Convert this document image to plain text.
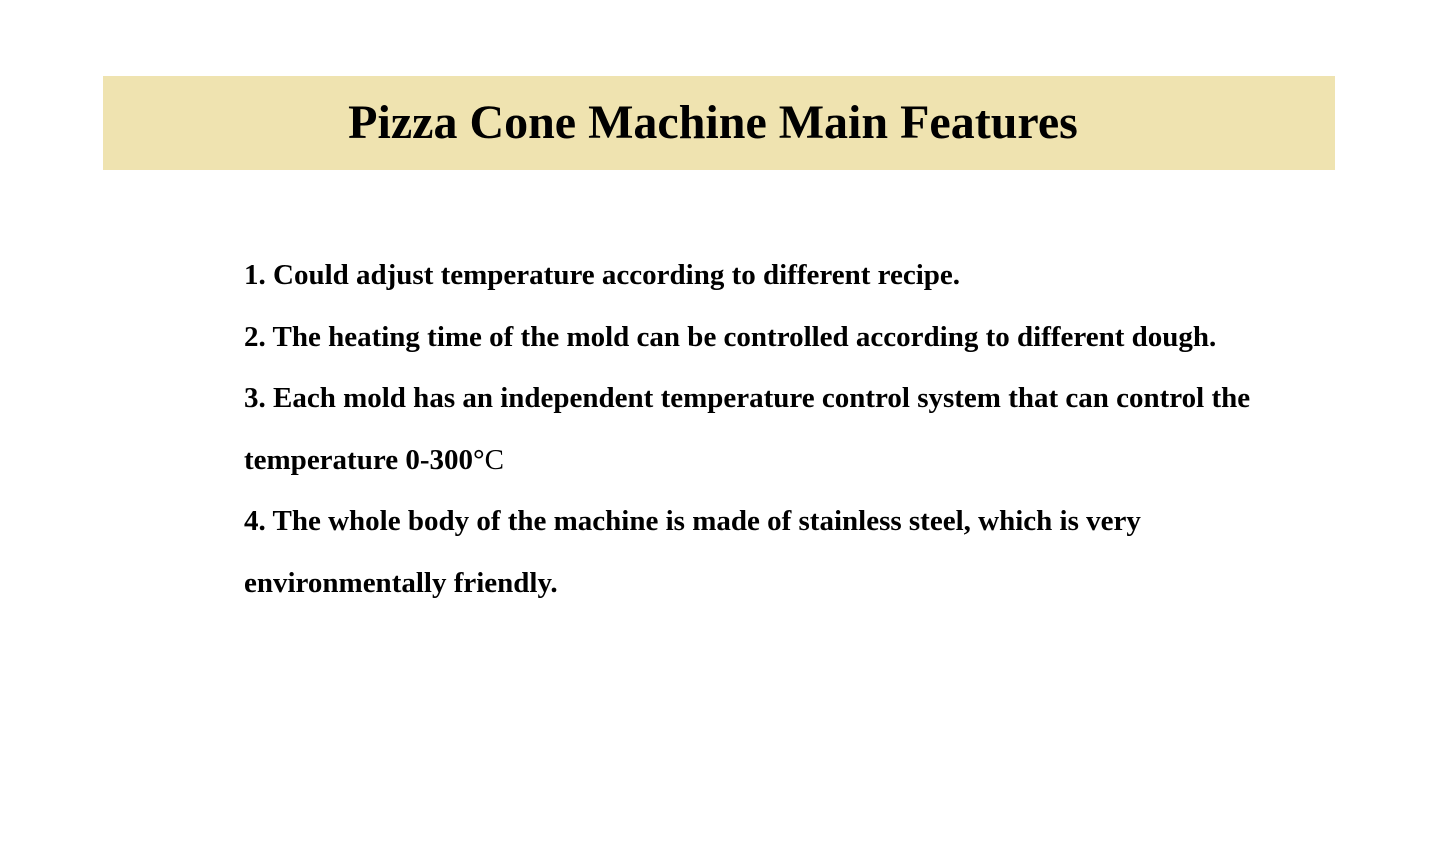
Pizza Cone Machine Main Features
1. Could adjust temperature according to different recipe.
2. The heating time of the mold can be controlled according to different dough.
3. Each mold has an independent temperature control system that can control the temperature 0-300°C
4. The whole body of the machine is made of stainless steel, which is very environmentally friendly.
